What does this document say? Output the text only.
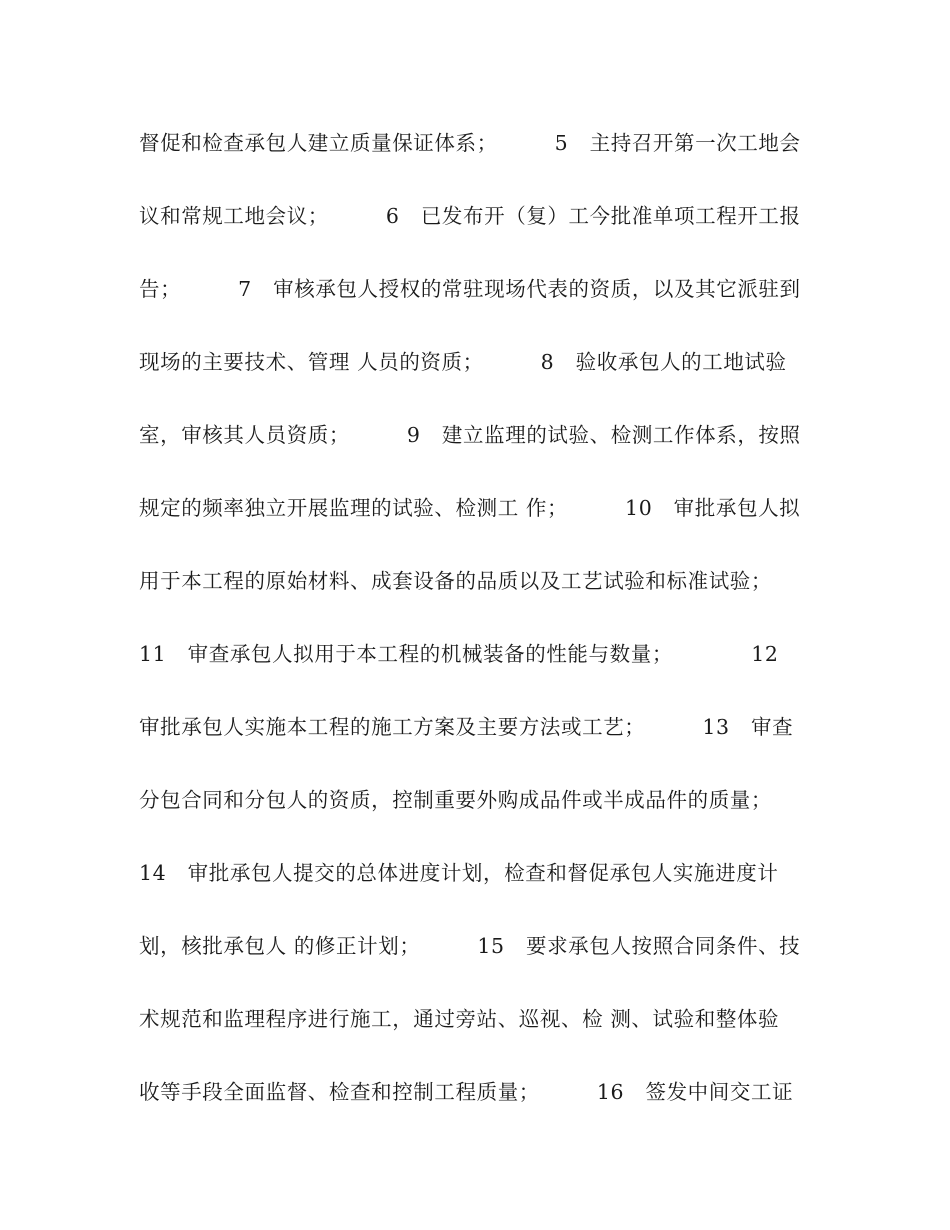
督促和检查承包人建立质量保证体系；        5   主持召开第一次工地会
议和常规工地会议；        6   已发布开（复）工今批准单项工程开工报
告；        7   审核承包人授权的常驻现场代表的资质，以及其它派驻到
现场的主要技术、管理 人员的资质；        8   验收承包人的工地试验
室，审核其人员资质；        9   建立监理的试验、检测工作体系，按照
规定的频率独立开展监理的试验、检测工 作；        10   审批承包人拟
用于本工程的原始材料、成套设备的品质以及工艺试验和标准试验；
11   审查承包人拟用于本工程的机械装备的性能与数量；           12
审批承包人实施本工程的施工方案及主要方法或工艺；        13   审查
分包合同和分包人的资质，控制重要外购成品件或半成品件的质量；
14   审批承包人提交的总体进度计划，检查和督促承包人实施进度计
划，核批承包人 的修正计划；        15   要求承包人按照合同条件、技
术规范和监理程序进行施工，通过旁站、巡视、检 测、试验和整体验
收等手段全面监督、检查和控制工程质量；        16   签发中间交工证
